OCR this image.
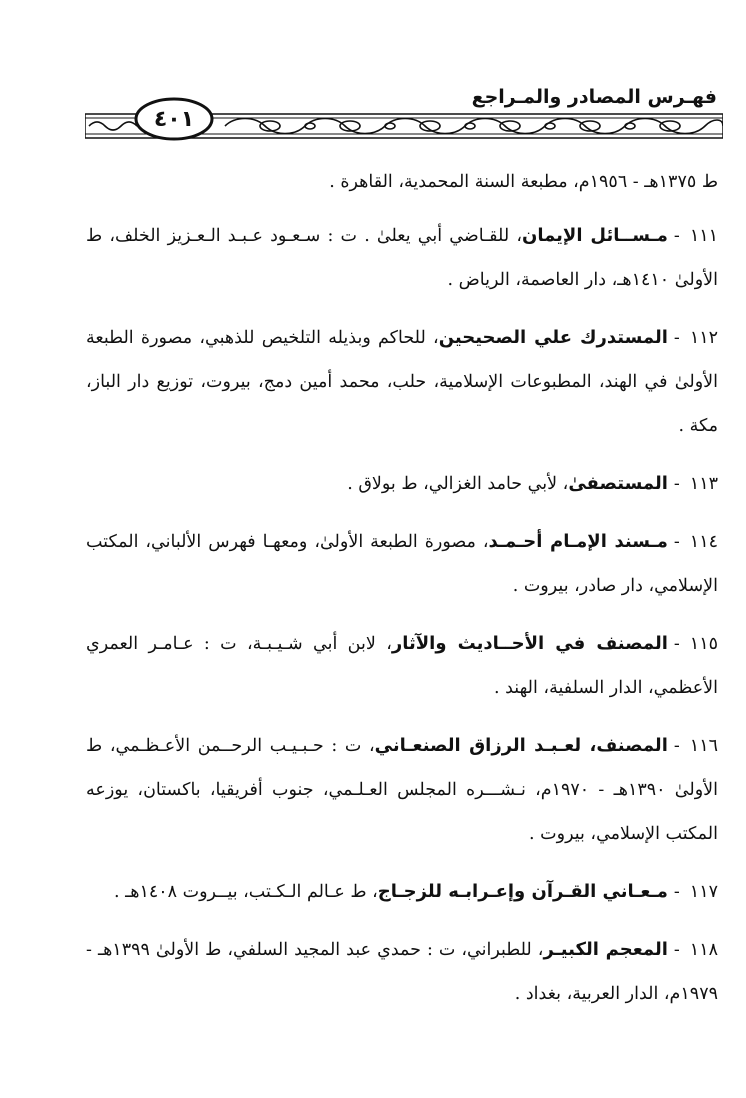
فهـرس المصادر والمـراجع
٤٠١

ط ١٣٧٥هـ - ١٩٥٦م، مطبعة السنة المحمدية، القاهرة .

١١١-مـســائل الإيمان، للقـاضي أبي يعلىٰ . ت : سـعـود عـبـد الـعـزيز الخلف، ط الأولىٰ ١٤١٠هـ، دار العاصمة، الرياض .

١١٢-المستدرك علي الصحيحين، للحاكم وبذيله التلخيص للذهبي، مصورة الطبعة الأولىٰ في الهند، المطبوعات الإسلامية، حلب، محمد أمين دمج، بيروت، توزيع دار الباز، مكة .

١١٣-المستصفىٰ، لأبي حامد الغزالي، ط بولاق .

١١٤-مـسند الإمـام أحـمـد، مصورة الطبعة الأولىٰ، ومعهـا فهرس الألباني، المكتب الإسلامي، دار صادر، بيروت .

١١٥-المصنف في الأحــاديث والآثار، لابن أبي شـيـبـة، ت : عـامـر العمري الأعظمي، الدار السلفية، الهند .

١١٦-المصنف، لعـبـد الرزاق الصنعـاني، ت : حـبـيـب الرحــمن الأعـظـمي، ط الأولىٰ ١٣٩٠هـ - ١٩٧٠م، نـشـــره المجلس العـلـمي، جنوب أفريقيا، باكستان، يوزعه المكتب الإسلامي، بيروت .

١١٧-مـعـاني القـرآن وإعـرابـه للزجـاج، ط عـالم الـكـتب، بيــروت ١٤٠٨هـ .

١١٨-المعجم الكبيـر، للطبراني، ت : حمدي عبد المجيد السلفي، ط الأولىٰ ١٣٩٩هـ - ١٩٧٩م، الدار العربية، بغداد .
